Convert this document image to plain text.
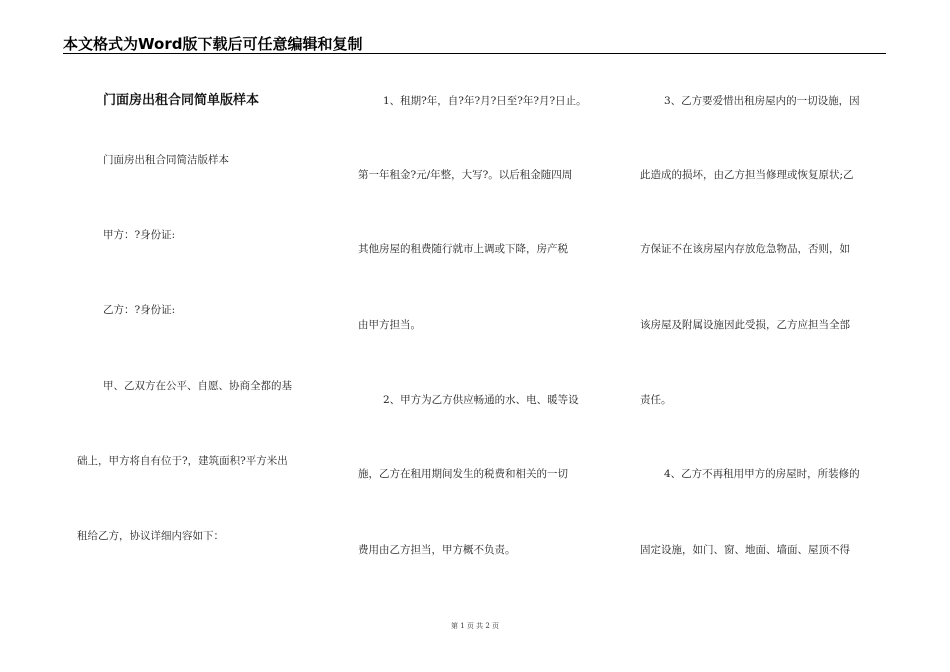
本文格式为Word版下载后可任意编辑和复制
门面房出租合同简单版样本
门面房出租合同简洁版样本
甲方：?身份证:
乙方：?身份证:
甲、乙双方在公平、自愿、协商全都的基
础上，甲方将自有位于?，建筑面积?平方米出
租给乙方，协议详细内容如下：
1、租期?年，自?年?月?日至?年?月?日止。
第一年租金?元/年整，大写?。以后租金随四周
其他房屋的租费随行就市上调或下降，房产税
由甲方担当。
2、甲方为乙方供应畅通的水、电、暖等设
施，乙方在租用期间发生的税费和相关的一切
费用由乙方担当，甲方概不负责。
3、乙方要爱惜出租房屋内的一切设施，因
此造成的损坏，由乙方担当修理或恢复原状;乙
方保证不在该房屋内存放危急物品，否则，如
该房屋及附属设施因此受损，乙方应担当全部
责任。
4、乙方不再租用甲方的房屋时，所装修的
固定设施，如门、窗、地面、墙面、屋顶不得
第 1 页 共 2 页
